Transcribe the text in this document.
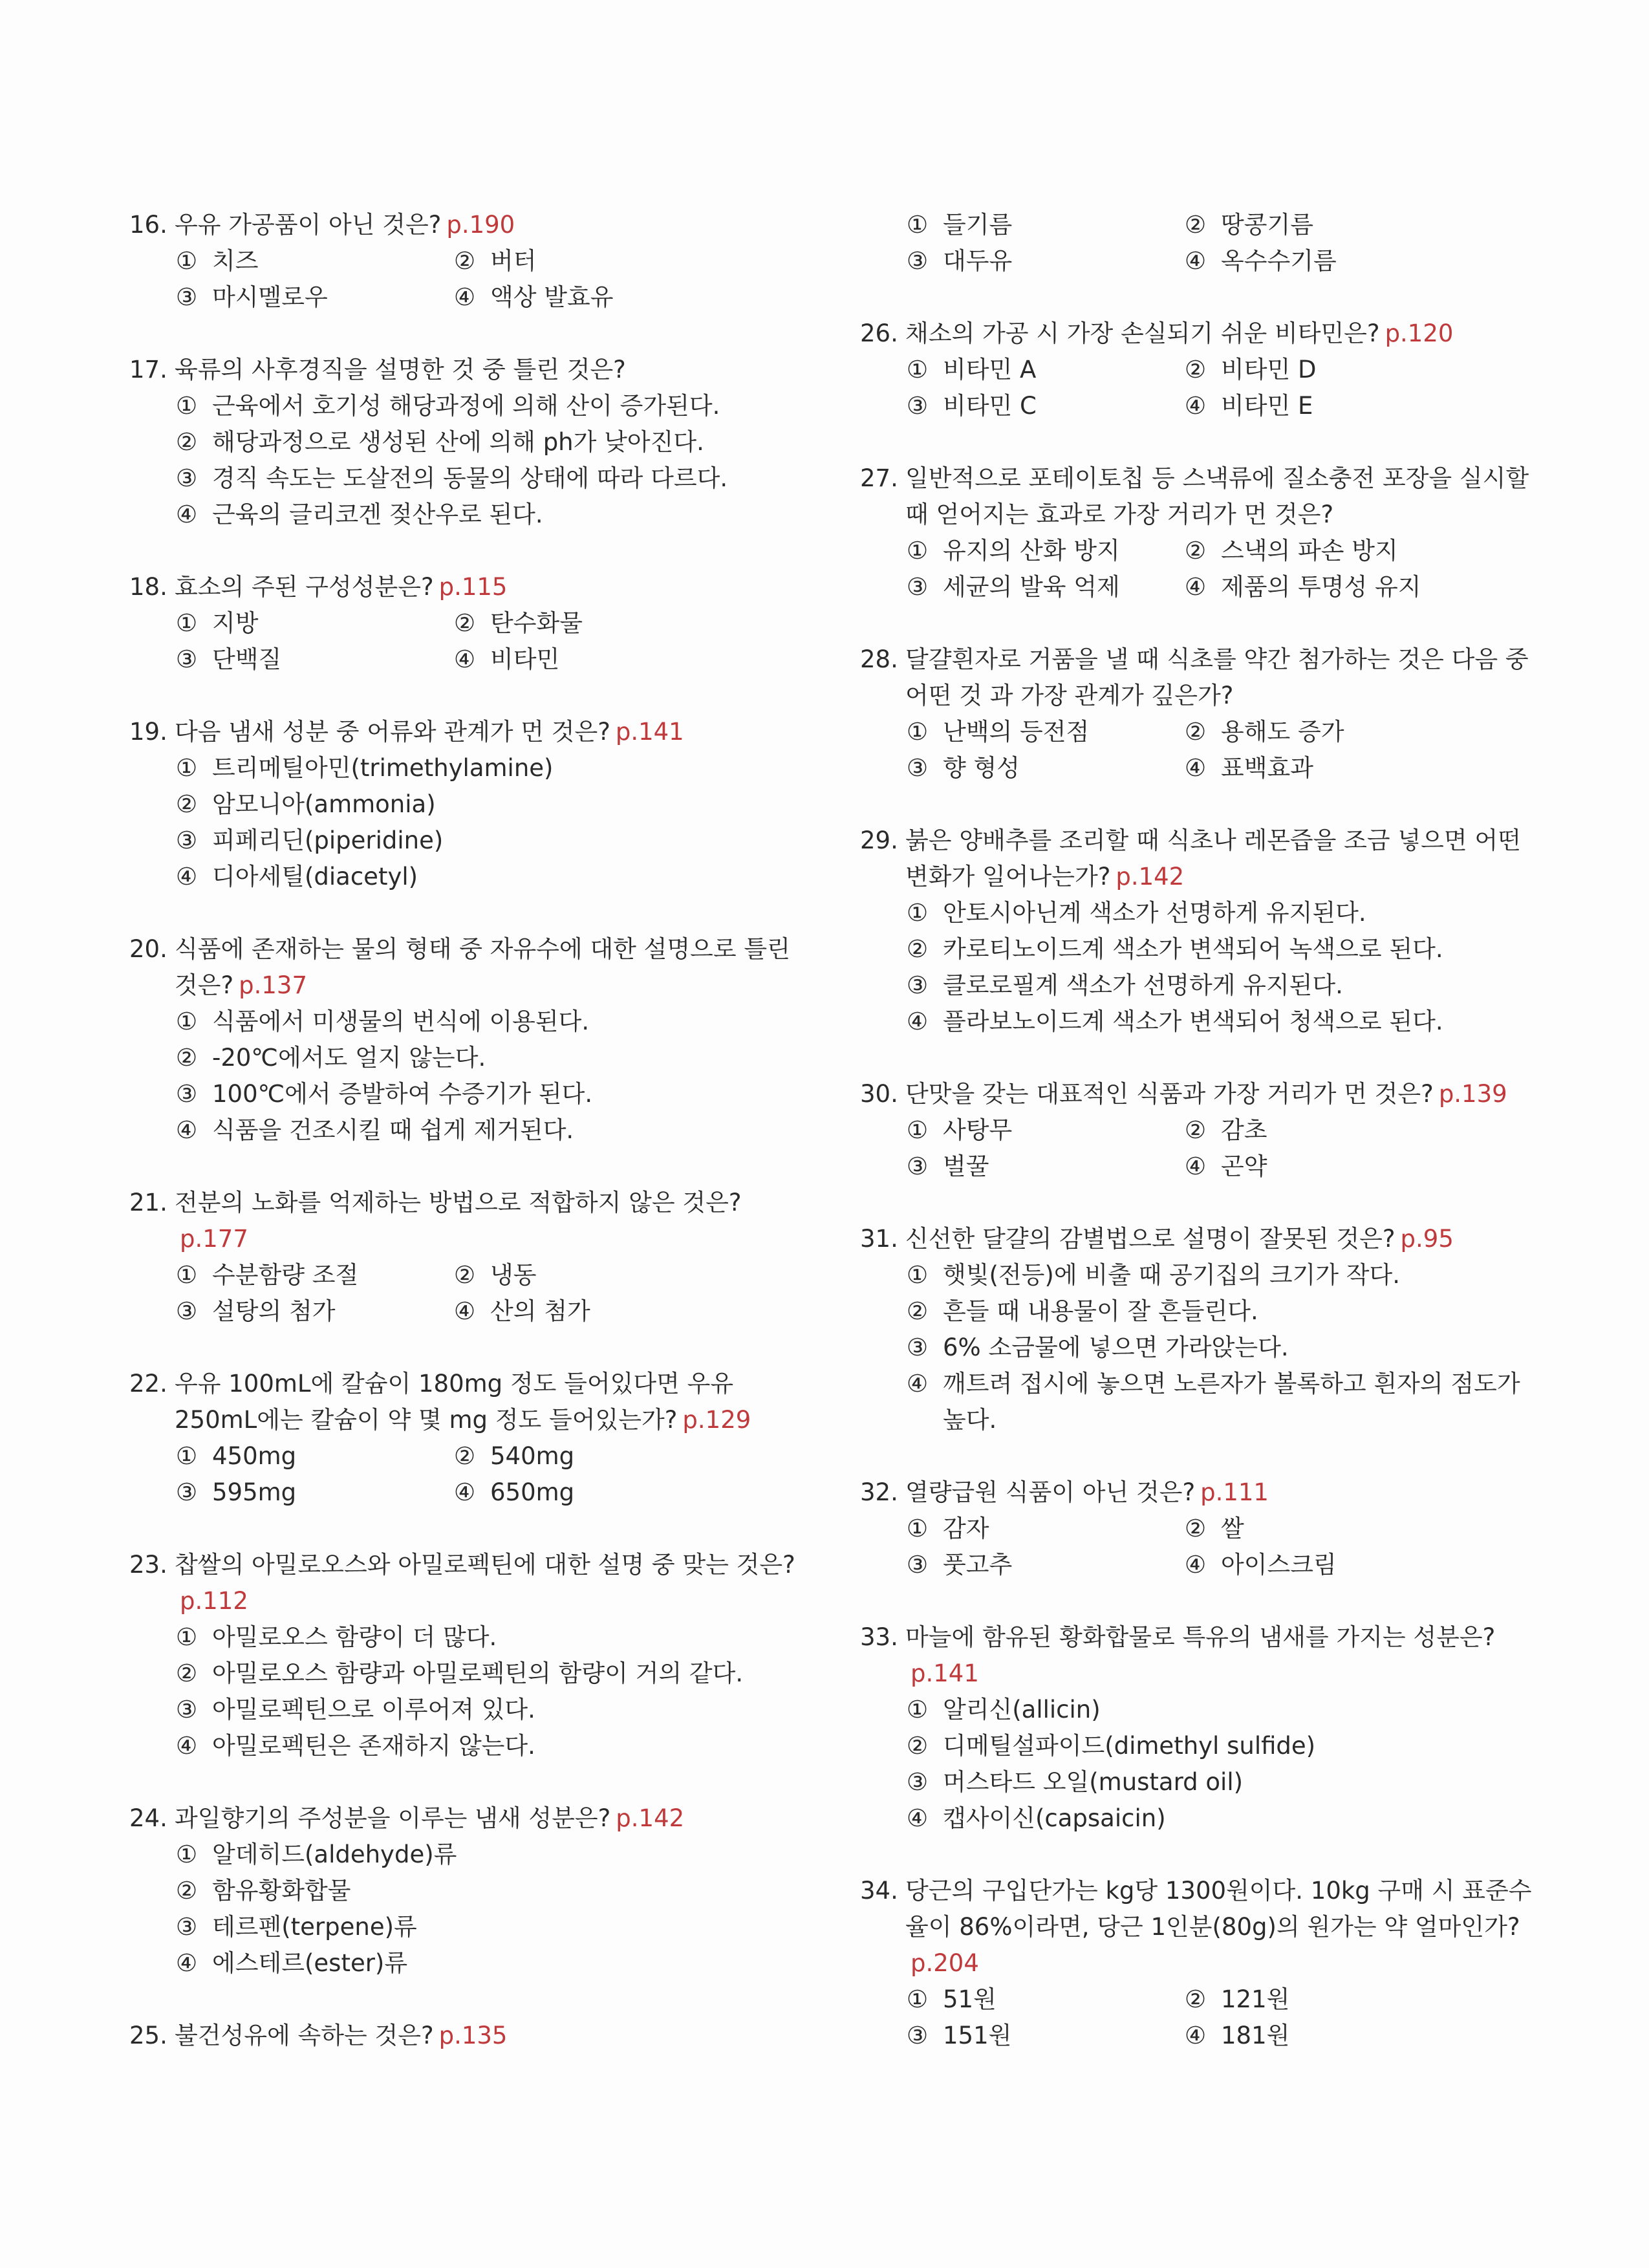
16. 우유 가공품이 아닌 것은? p.190
① 치즈	② 버터
③ 마시멜로우	④ 액상 발효유
17. 육류의 사후경직을 설명한 것 중 틀린 것은?
① 근육에서 호기성 해당과정에 의해 산이 증가된다.
② 해당과정으로 생성된 산에 의해 ph가 낮아진다.
③ 경직 속도는 도살전의 동물의 상태에 따라 다르다.
④ 근육의 글리코겐 젖산우로 된다.
18. 효소의 주된 구성성분은? p.115
① 지방	② 탄수화물
③ 단백질	④ 비타민
19. 다음 냄새 성분 중 어류와 관계가 먼 것은? p.141
① 트리메틸아민(trimethylamine)
② 암모니아(ammonia)
③ 피페리딘(piperidine)
④ 디아세틸(diacetyl)
20. 식품에 존재하는 물의 형태 중 자유수에 대한 설명으로 틀린 것은? p.137
① 식품에서 미생물의 번식에 이용된다.
② -20℃에서도 얼지 않는다.
③ 100℃에서 증발하여 수증기가 된다.
④ 식품을 건조시킬 때 쉽게 제거된다.
21. 전분의 노화를 억제하는 방법으로 적합하지 않은 것은?p.177
① 수분함량 조절	② 냉동
③ 설탕의 첨가	④ 산의 첨가
22. 우유 100mL에 칼슘이 180mg 정도 들어있다면 우유 250mL에는 칼슘이 약 몇 mg 정도 들어있는가? p.129
① 450mg	② 540mg
③ 595mg	④ 650mg
23. 찹쌀의 아밀로오스와 아밀로펙틴에 대한 설명 중 맞는 것은?p.112
① 아밀로오스 함량이 더 많다.
② 아밀로오스 함량과 아밀로펙틴의 함량이 거의 같다.
③ 아밀로펙틴으로 이루어져 있다.
④ 아밀로펙틴은 존재하지 않는다.
24. 과일향기의 주성분을 이루는 냄새 성분은? p.142
① 알데히드(aldehyde)류
② 함유황화합물
③ 테르펜(terpene)류
④ 에스테르(ester)류
25. 불건성유에 속하는 것은? p.135
① 들기름	② 땅콩기름
③ 대두유	④ 옥수수기름
26. 채소의 가공 시 가장 손실되기 쉬운 비타민은? p.120
① 비타민 A	② 비타민 D
③ 비타민 C	④ 비타민 E
27. 일반적으로 포테이토칩 등 스낵류에 질소충전 포장을 실시할 때 얻어지는 효과로 가장 거리가 먼 것은?
① 유지의 산화 방지	② 스낵의 파손 방지
③ 세균의 발육 억제	④ 제품의 투명성 유지
28. 달걀흰자로 거품을 낼 때 식초를 약간 첨가하는 것은 다음 중 어떤 것 과 가장 관계가 깊은가?
① 난백의 등전점	② 용해도 증가
③ 향 형성	④ 표백효과
29. 붉은 양배추를 조리할 때 식초나 레몬즙을 조금 넣으면 어떤 변화가 일어나는가? p.142
① 안토시아닌계 색소가 선명하게 유지된다.
② 카로티노이드계 색소가 변색되어 녹색으로 된다.
③ 클로로필계 색소가 선명하게 유지된다.
④ 플라보노이드계 색소가 변색되어 청색으로 된다.
30. 단맛을 갖는 대표적인 식품과 가장 거리가 먼 것은? p.139
① 사탕무	② 감초
③ 벌꿀	④ 곤약
31. 신선한 달걀의 감별법으로 설명이 잘못된 것은? p.95
① 햇빛(전등)에 비출 때 공기집의 크기가 작다.
② 흔들 때 내용물이 잘 흔들린다.
③ 6% 소금물에 넣으면 가라앉는다.
④ 깨트려 접시에 놓으면 노른자가 볼록하고 흰자의 점도가 높다.
32. 열량급원 식품이 아닌 것은? p.111
① 감자	② 쌀
③ 풋고추	④ 아이스크림
33. 마늘에 함유된 황화합물로 특유의 냄새를 가지는 성분은?p.141
① 알리신(allicin)
② 디메틸설파이드(dimethyl sulfide)
③ 머스타드 오일(mustard oil)
④ 캡사이신(capsaicin)
34. 당근의 구입단가는 kg당 1300원이다. 10kg 구매 시 표준수율이 86%이라면, 당근 1인분(80g)의 원가는 약 얼마인가?p.204
① 51원	② 121원
③ 151원	④ 181원
